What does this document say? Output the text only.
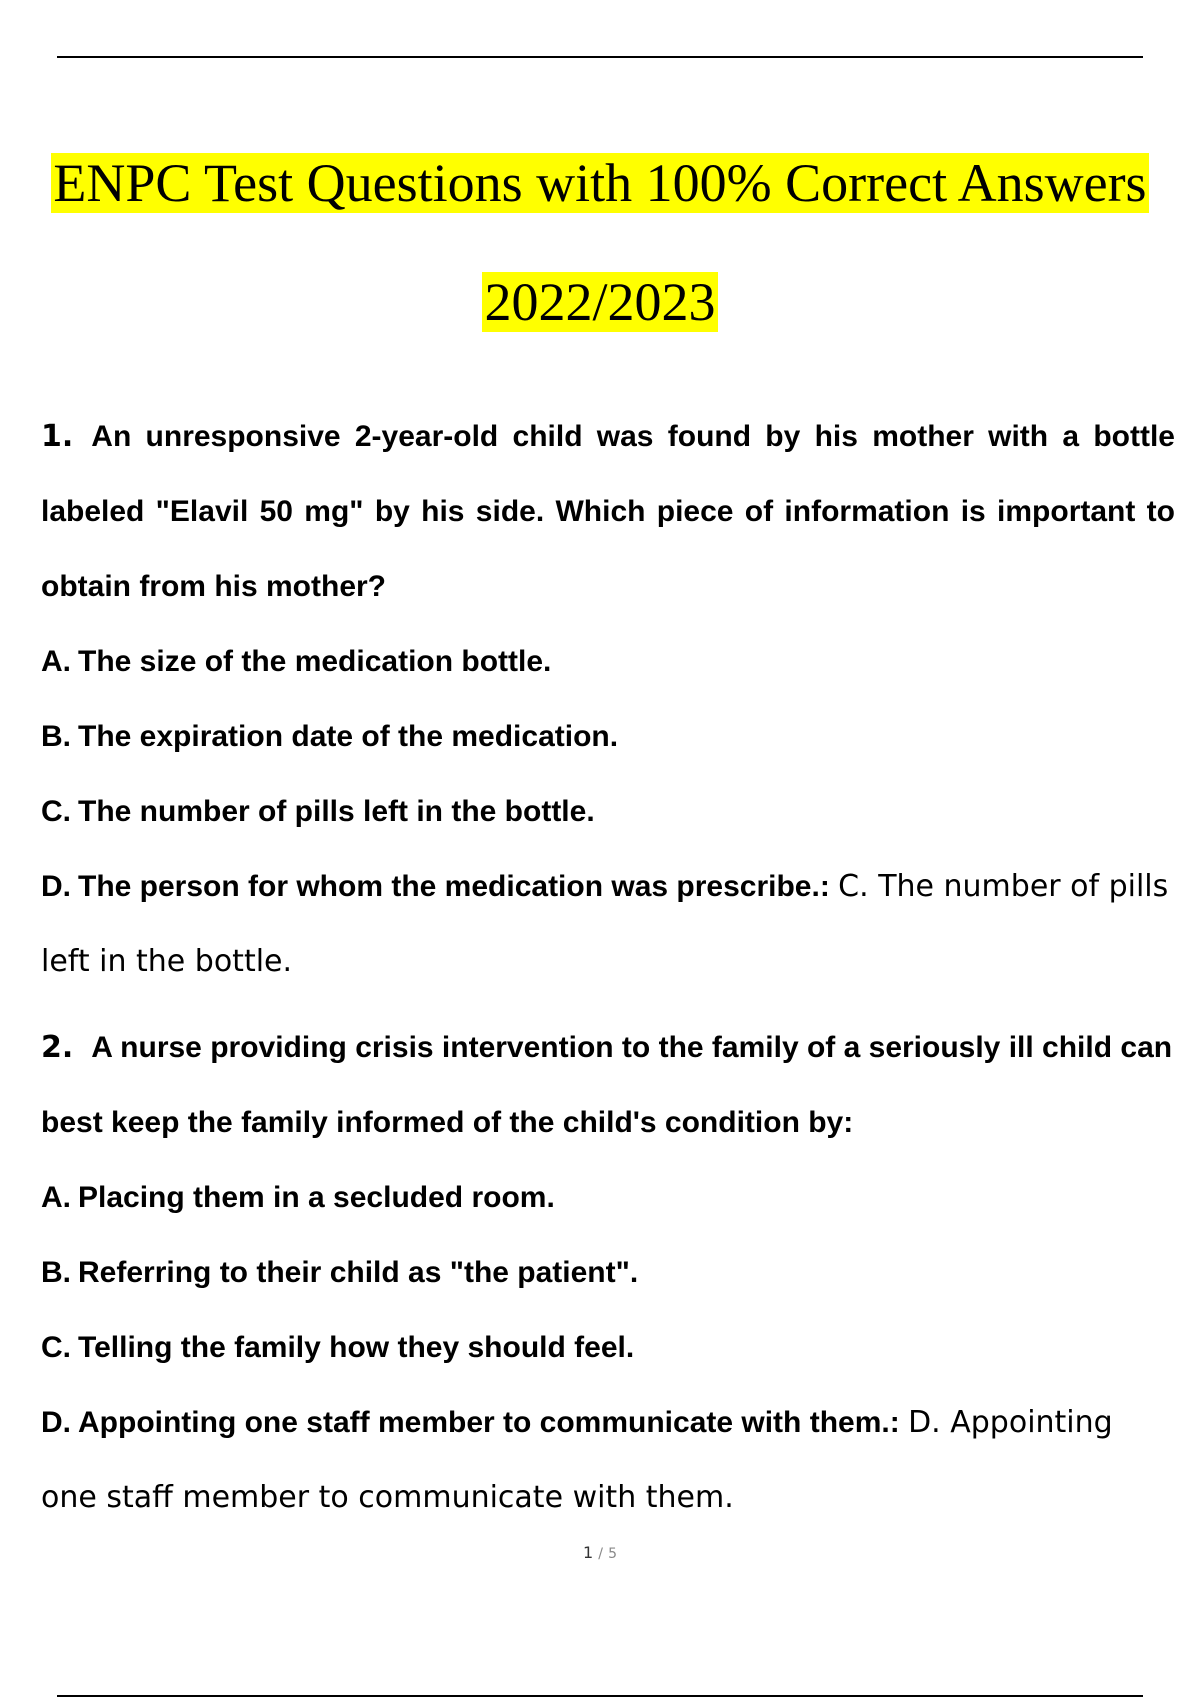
ENPC Test Questions with 100% Correct Answers
2022/2023
1. An unresponsive 2-year-old child was found by his mother with a bottle labeled "Elavil 50 mg" by his side. Which piece of information is important to obtain from his mother?
A. The size of the medication bottle.
B. The expiration date of the medication.
C. The number of pills left in the bottle.
D. The person for whom the medication was prescribe.: C. The number of pills left in the bottle.
2. A nurse providing crisis intervention to the family of a seriously ill child can best keep the family informed of the child's condition by:
A. Placing them in a secluded room.
B. Referring to their child as "the patient".
C. Telling the family how they should feel.
D. Appointing one staff member to communicate with them.: D. Appointing one staff member to communicate with them.
1 / 5
